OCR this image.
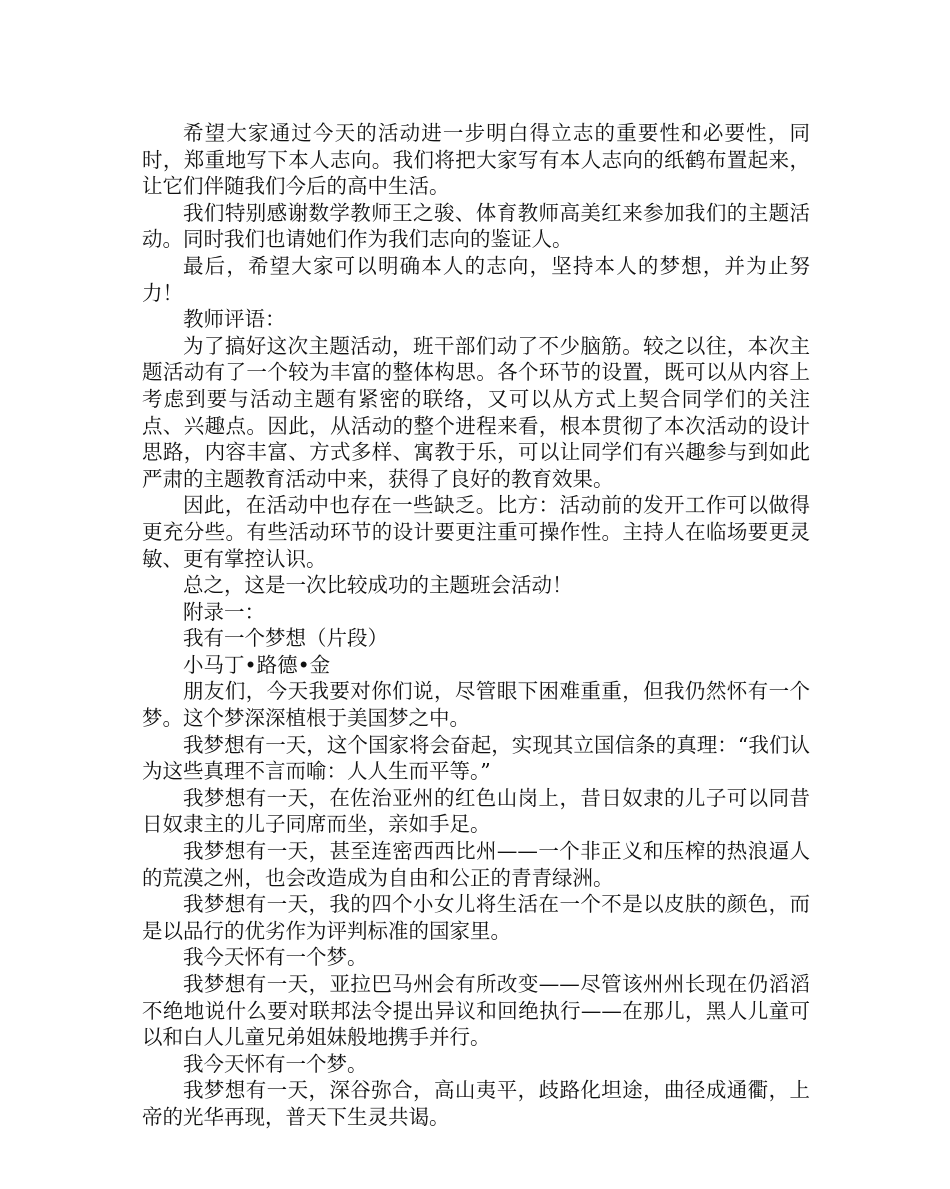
希望大家通过今天的活动进一步明白得立志的重要性和必要性，同时，郑重地写下本人志向。我们将把大家写有本人志向的纸鹤布置起来，让它们伴随我们今后的高中生活。

我们特别感谢数学教师王之骏、体育教师高美红来参加我们的主题活动。同时我们也请她们作为我们志向的鉴证人。

最后，希望大家可以明确本人的志向，坚持本人的梦想，并为止努力！

教师评语：

为了搞好这次主题活动，班干部们动了不少脑筋。较之以往，本次主题活动有了一个较为丰富的整体构思。各个环节的设置，既可以从内容上考虑到要与活动主题有紧密的联络，又可以从方式上契合同学们的关注点、兴趣点。因此，从活动的整个进程来看，根本贯彻了本次活动的设计思路，内容丰富、方式多样、寓教于乐，可以让同学们有兴趣参与到如此严肃的主题教育活动中来，获得了良好的教育效果。

因此，在活动中也存在一些缺乏。比方：活动前的发开工作可以做得更充分些。有些活动环节的设计要更注重可操作性。主持人在临场要更灵敏、更有掌控认识。

总之，这是一次比较成功的主题班会活动！

附录一：

我有一个梦想（片段）

小马丁•路德•金

朋友们，今天我要对你们说，尽管眼下困难重重，但我仍然怀有一个梦。这个梦深深植根于美国梦之中。

我梦想有一天，这个国家将会奋起，实现其立国信条的真理：“我们认为这些真理不言而喻：人人生而平等。”

我梦想有一天，在佐治亚州的红色山岗上，昔日奴隶的儿子可以同昔日奴隶主的儿子同席而坐，亲如手足。

我梦想有一天，甚至连密西西比州——一个非正义和压榨的热浪逼人的荒漠之州，也会改造成为自由和公正的青青绿洲。

我梦想有一天，我的四个小女儿将生活在一个不是以皮肤的颜色，而是以品行的优劣作为评判标准的国家里。

我今天怀有一个梦。

我梦想有一天，亚拉巴马州会有所改变——尽管该州州长现在仍滔滔不绝地说什么要对联邦法令提出异议和回绝执行——在那儿，黑人儿童可以和白人儿童兄弟姐妹般地携手并行。

我今天怀有一个梦。

我梦想有一天，深谷弥合，高山夷平，歧路化坦途，曲径成通衢，上帝的光华再现，普天下生灵共谒。
